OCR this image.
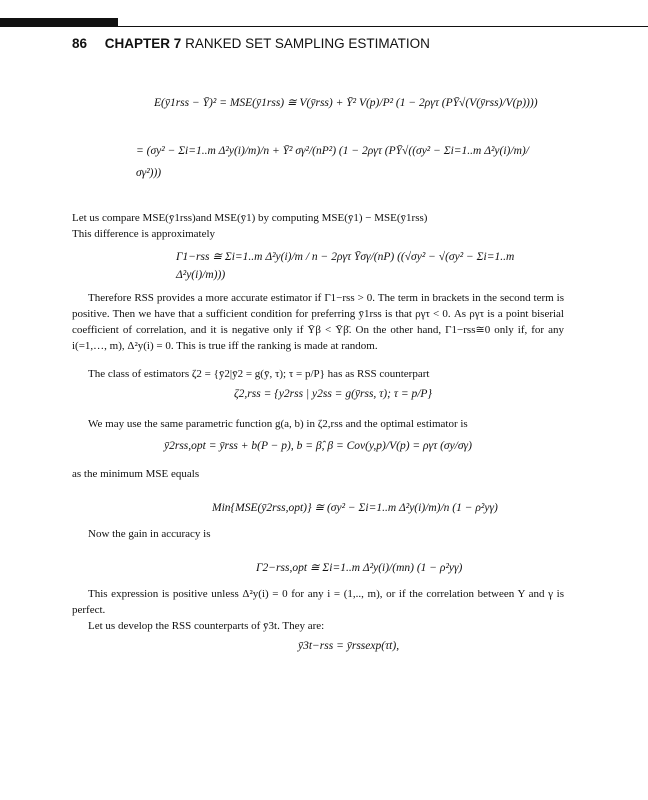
86 CHAPTER 7 RANKED SET SAMPLING ESTIMATION
E(ȳ1rss − Ȳ)² = MSE(ȳ1rss) ≅ V(ȳrss) + Ȳ² V(p)/P² (1 − 2ργτ (PȲ√(V(ȳrss)/V(p))))
= (σy² − Σi=1..m Δ²y(i)/m)/n + Ȳ² σγ²/(nP²) (1 − 2ργτ (PȲ√((σy² − Σi=1..m Δ²y(i)/m)/σγ²)))
Let us compare MSE(ȳ1rss)and MSE(ȳ1) by computing MSE(ȳ1) − MSE(ȳ1rss)
This difference is approximately
Γ1−rss ≅ Σi=1..m Δ²y(i)/m / n − 2ργτ Ȳσγ/(nP) ((√σy² − √(σy² − Σi=1..m Δ²y(i)/m)))
Therefore RSS provides a more accurate estimator if Γ1−rss > 0. The term in brackets in the second term is positive. Then we have that a sufficient condition for preferring ȳ1rss is that ργτ < 0. As ργτ is a point biserial coefficient of correlation, and it is negative only if Ȳβ < Ȳβ̄. On the other hand, Γ1−rss≅0 only if, for any i(=1,…, m), Δ²y(i) = 0. This is true iff the ranking is made at random.
The class of estimators ζ2 = {ȳ2|ȳ2 = g(ȳ, τ); τ = p/P} has as RSS counterpart
ζ2,rss = {y2rss | y2ss = g(ȳrss, τ); τ = p/P}
We may use the same parametric function g(a, b) in ζ2,rss and the optimal estimator is
ȳ2rss,opt = ȳrss + b(P − p), b = β̂, β = Cov(y,p)/V(p) = ργτ (σy/σγ)
as the minimum MSE equals
Min{MSE(ȳ2rss,opt)} ≅ (σy² − Σi=1..m Δ²y(i)/m)/n (1 − ρ²yγ)
Now the gain in accuracy is
Γ2−rss,opt ≅ Σi=1..m Δ²y(i)/(mn) (1 − ρ²yγ)
This expression is positive unless Δ²y(i) = 0 for any i = (1,.., m), or if the correlation between Y and γ is perfect.
Let us develop the RSS counterparts of ȳ3t. They are:
ȳ3t−rss = ȳrssexp(τt),
